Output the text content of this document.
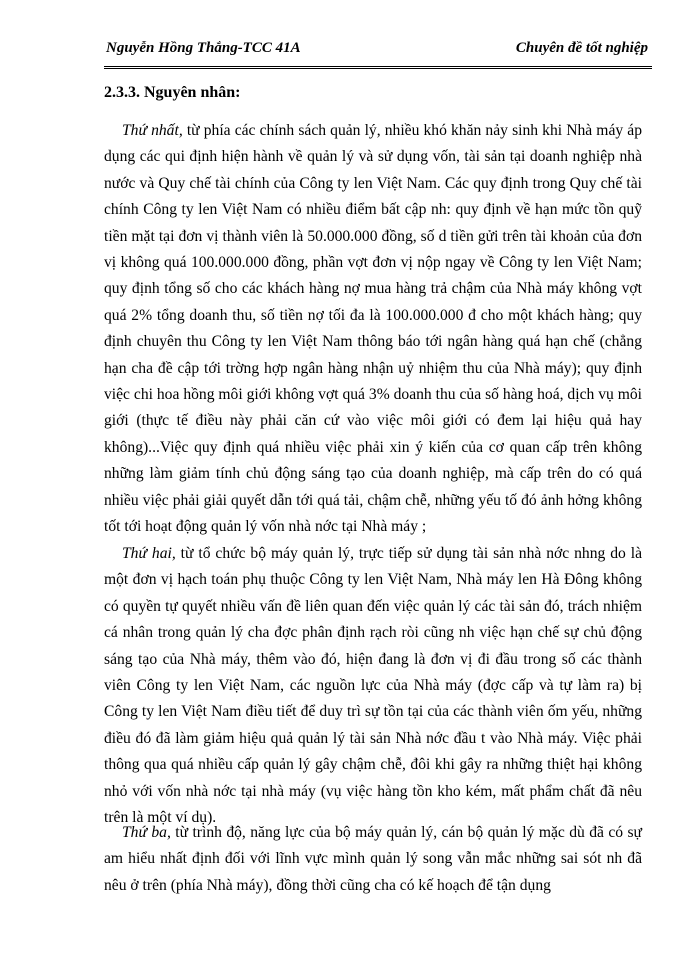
Nguyễn Hồng Thắng-TCC 41A	Chuyên đề tốt nghiệp
2.3.3. Nguyên nhân:

Thứ nhất, từ phía các chính sách quản lý, nhiều khó khăn nảy sinh khi Nhà máy áp dụng các qui định hiện hành về quản lý và sử dụng vốn, tài sản tại doanh nghiệp nhà nước và Quy chế tài chính của Công ty len Việt Nam. Các quy định trong Quy chế tài chính Công ty len Việt Nam có nhiều điểm bất cập nh: quy định về hạn mức tồn quỹ tiền mặt tại đơn vị thành viên là 50.000.000 đồng, số d tiền gửi trên tài khoản của đơn vị không quá 100.000.000 đồng, phần vợt đơn vị nộp ngay về Công ty len Việt Nam; quy định tổng số cho các khách hàng nợ mua hàng trả chậm của Nhà máy không vợt quá 2% tổng doanh thu, số tiền nợ tối đa là 100.000.000 đ cho một khách hàng; quy định chuyên thu Công ty len Việt Nam thông báo tới ngân hàng quá hạn chế (chẳng hạn cha đề cập tới trờng hợp ngân hàng nhận uỷ nhiệm thu của Nhà máy); quy định việc chi hoa hồng môi giới không vợt quá 3% doanh thu của số hàng hoá, dịch vụ môi giới (thực tế điều này phải căn cứ vào việc môi giới có đem lại hiệu quả hay không)...Việc quy định quá nhiều việc phải xin ý kiến của cơ quan cấp trên không những làm giảm tính chủ động sáng tạo của doanh nghiệp, mà cấp trên do có quá nhiều việc phải giải quyết dẫn tới quá tải, chậm chễ, những yếu tố đó ảnh hởng không tốt tới hoạt động quản lý vốn nhà nớc tại Nhà máy ;

Thứ hai, từ tổ chức bộ máy quản lý, trực tiếp sử dụng tài sản nhà nớc nhng do là một đơn vị hạch toán phụ thuộc Công ty len Việt Nam, Nhà máy len Hà Đông không có quyền tự quyết nhiều vấn đề liên quan đến việc quản lý các tài sản đó, trách nhiệm cá nhân trong quản lý cha đợc phân định rạch ròi cũng nh việc hạn chế sự chủ động sáng tạo của Nhà máy, thêm vào đó, hiện đang là đơn vị đi đầu trong số các thành viên Công ty len Việt Nam, các nguồn lực của Nhà máy (đợc cấp và tự làm ra) bị Công ty len Việt Nam điều tiết để duy trì sự tồn tại của các thành viên ốm yếu, những điều đó đã làm giảm hiệu quả quản lý tài sản Nhà nớc đầu t vào Nhà máy. Việc phải thông qua quá nhiều cấp quản lý gây chậm chễ, đôi khi gây ra những thiệt hại không nhỏ với vốn nhà nớc tại nhà máy (vụ việc hàng tồn kho kém, mất phẩm chất đã nêu trên là một ví dụ).

Thứ ba, từ trình độ, năng lực của bộ máy quản lý, cán bộ quản lý mặc dù đã có sự am hiểu nhất định đối với lĩnh vực mình quản lý song vẫn mắc những sai sót nh đã nêu ở trên (phía Nhà máy), đồng thời cũng cha có kế hoạch để tận dụng
